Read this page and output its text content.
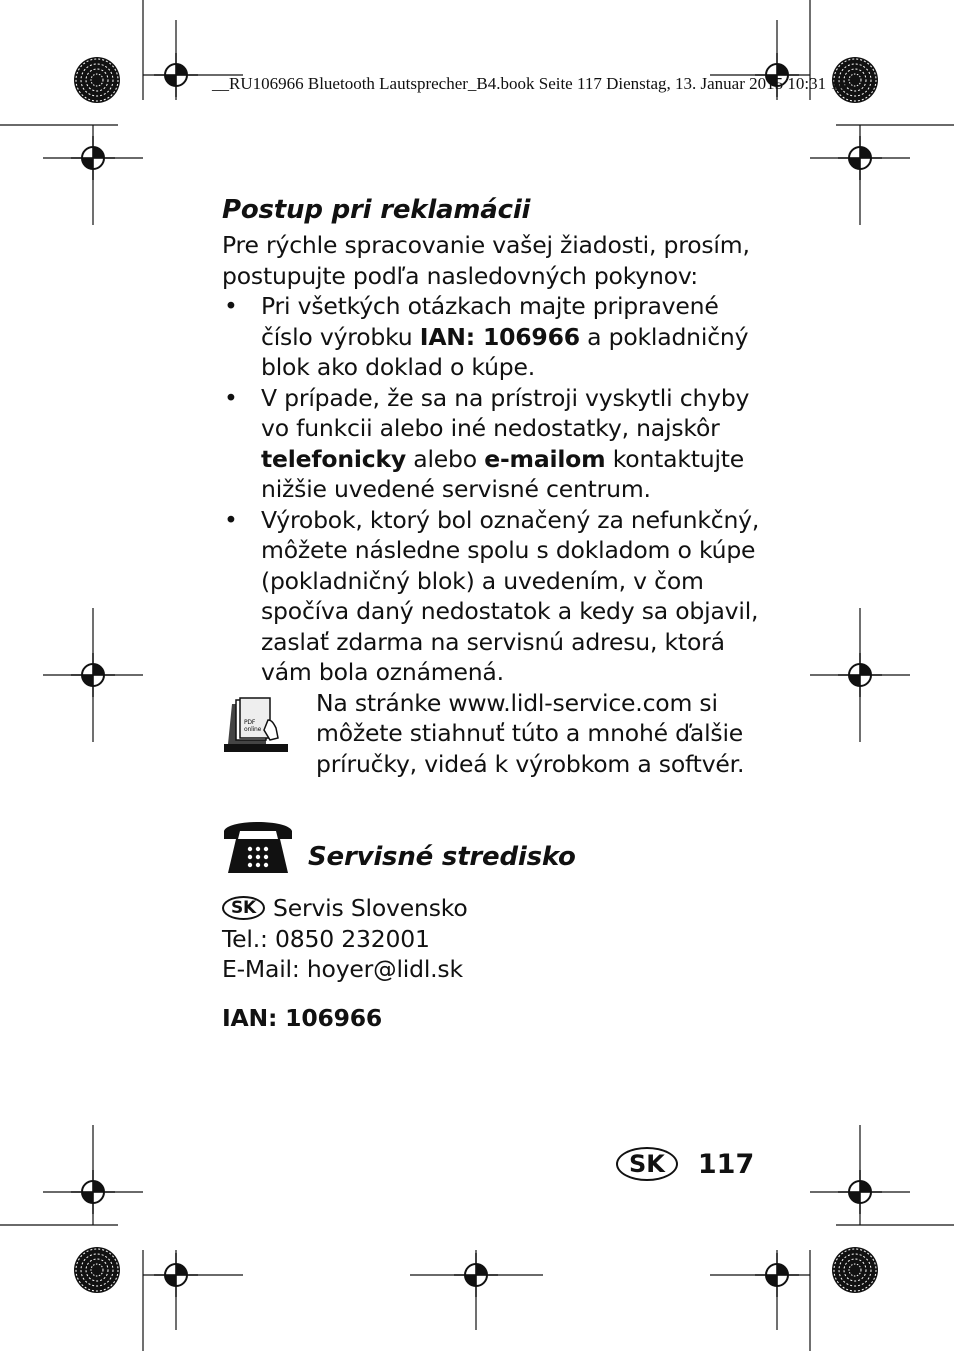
__RU106966 Bluetooth Lautsprecher_B4.book Seite 117 Dienstag, 13. Januar 2015 10:31 10
Postup pri reklamácii

Pre rýchle spracovanie vašej žiadosti, prosím, postupujte podľa nasledovných pokynov:

• Pri všetkých otázkach majte pripravené číslo výrobku IAN: 106966 a pokladničný blok ako doklad o kúpe.
• V prípade, že sa na prístroji vyskytli chyby vo funkcii alebo iné nedostatky, najskôr telefonicky alebo e-mailom kontaktujte nižšie uvedené servisné centrum.
• Výrobok, ktorý bol označený za nefunkčný, môžete následne spolu s dokladom o kúpe (pokladničný blok) a uvedením, v čom spočíva daný nedostatok a kedy sa objavil, zaslať zdarma na servisnú adresu, ktorá vám bola oznámená.
PDF
online

Na stránke www.lidl-service.com si môžete stiahnuť túto a mnohé ďalšie príručky, videá k výrobkom a softvér.

Servisné stredisko

SK Servis Slovensko

Tel.: 0850 232001

E-Mail: hoyer@lidl.sk

IAN: 106966

SK	117
